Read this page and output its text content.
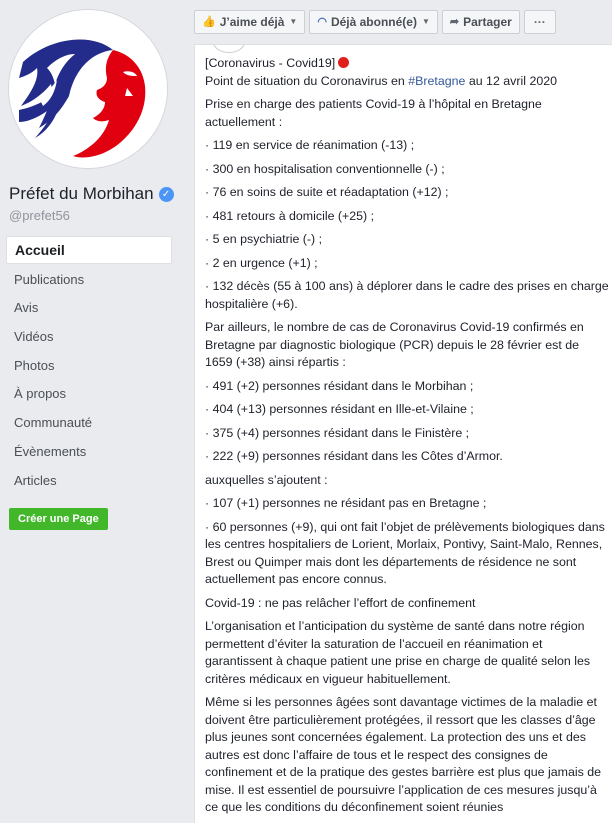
Préfet du Morbihan ✓
@prefet56
Accueil
Publications
Avis
Vidéos
Photos
À propos
Communauté
Évènements
Articles
Créer une Page
👍 J’aime déjà ▼ ◠ Déjà abonné(e) ▼ ➦ Partager	···

[Coronavirus - Covid19]
Point de situation du Coronavirus en #Bretagne au 12 avril 2020

Prise en charge des patients Covid-19 à l’hôpital en Bretagne actuellement :

· 119 en service de réanimation (-13) ;

· 300 en hospitalisation conventionnelle (-) ;

· 76 en soins de suite et réadaptation (+12) ;

· 481 retours à domicile (+25) ;

· 5 en psychiatrie (-) ;

· 2 en urgence (+1) ;

· 132 décès (55 à 100 ans) à déplorer dans le cadre des prises en charge hospitalière (+6).

Par ailleurs, le nombre de cas de Coronavirus Covid-19 confirmés en Bretagne par diagnostic biologique (PCR) depuis le 28 février est de 1659 (+38) ainsi répartis :

· 491 (+2) personnes résidant dans le Morbihan ;

· 404 (+13) personnes résidant en Ille-et-Vilaine ;

· 375 (+4) personnes résidant dans le Finistère ;

· 222 (+9) personnes résidant dans les Côtes d’Armor.

auxquelles s’ajoutent :

· 107 (+1) personnes ne résidant pas en Bretagne ;

· 60 personnes (+9), qui ont fait l’objet de prélèvements biologiques dans les centres hospitaliers de Lorient, Morlaix, Pontivy, Saint-Malo, Rennes, Brest ou Quimper mais dont les départements de résidence ne sont actuellement pas encore connus.

Covid-19 : ne pas relâcher l’effort de confinement

L’organisation et l’anticipation du système de santé dans notre région permettent d’éviter la saturation de l’accueil en réanimation et garantissent à chaque patient une prise en charge de qualité selon les critères médicaux en vigueur habituellement.

Même si les personnes âgées sont davantage victimes de la maladie et doivent être particulièrement protégées, il ressort que les classes d’âge plus jeunes sont concernées également. La protection des uns et des autres est donc l’affaire de tous et le respect des consignes de confinement et de la pratique des gestes barrière est plus que jamais de mise. Il est essentiel de poursuivre l’application de ces mesures jusqu’à ce que les conditions du déconfinement soient réunies
